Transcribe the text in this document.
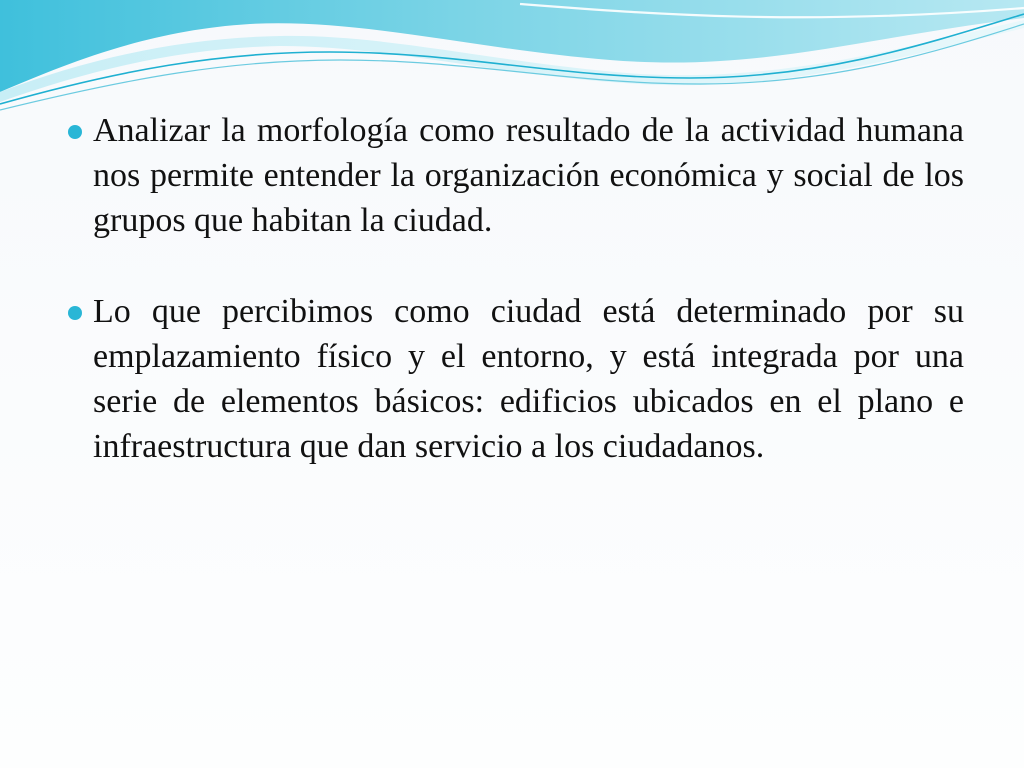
Analizar la morfología como resultado de la actividad humana nos permite entender la organización económica y social de los grupos que habitan la ciudad.
Lo que percibimos como ciudad está determinado por su emplazamiento físico y el entorno, y está integrada por una serie de elementos básicos: edificios ubicados en el plano e infraestructura que dan servicio a los ciudadanos.
